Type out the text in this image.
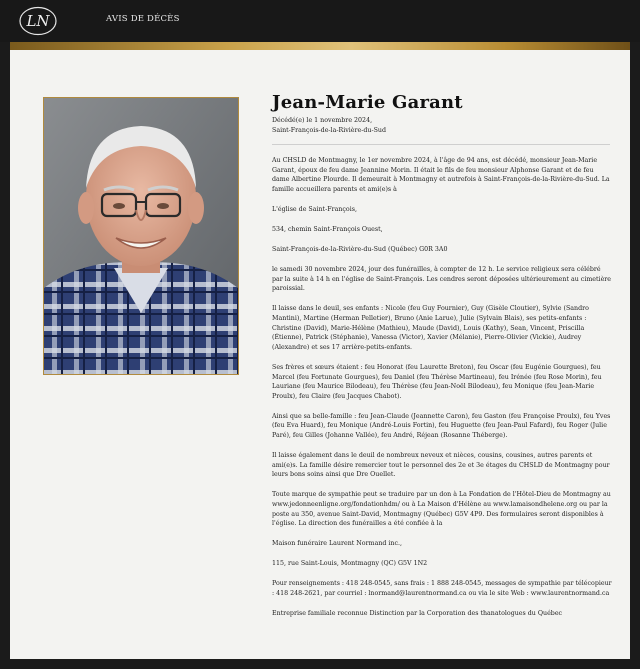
LN	AVIS DE DÉCÈS
Jean-Marie Garant
Décédé(e) le 1 novembre 2024,
Saint-François-de-la-Rivière-du-Sud

Au CHSLD de Montmagny, le 1er novembre 2024, à l'âge de 94 ans, est décédé, monsieur Jean-Marie Garant, époux de feu dame Jeannine Morin. Il était le fils de feu monsieur Alphonse Garant et de feu dame Albertine Plourde. Il demeurait à Montmagny et autrefois à Saint-François-de-la-Rivière-du-Sud. La famille accueillera parents et ami(e)s à

L'église de Saint-François,

534, chemin Saint-François Ouest,

Saint-François-de-la-Rivière-du-Sud (Québec) G0R 3A0

le samedi 30 novembre 2024, jour des funérailles, à compter de 12 h. Le service religieux sera célébré par la suite à 14 h en l'église de Saint-François. Les cendres seront déposées ultérieurement au cimetière paroissial.

Il laisse dans le deuil, ses enfants : Nicole (feu Guy Fournier), Guy (Gisèle Cloutier), Sylvie (Sandro Mantini), Martine (Herman Pelletier), Bruno (Anie Larue), Julie (Sylvain Blais), ses petits-enfants : Christine (David), Marie-Hélène (Mathieu), Maude (David), Louis (Kathy), Sean, Vincent, Priscilla (Étienne), Patrick (Stéphanie), Vanessa (Victor), Xavier (Mélanie), Pierre-Olivier (Vickie), Audrey (Alexandre) et ses 17 arrière-petits-enfants.

Ses frères et sœurs étaient : feu Honorat (feu Laurette Breton), feu Oscar (feu Eugénie Gourgues), feu Marcel (feu Fortunate Gourgues), feu Daniel (feu Thérèse Martineau), feu Irénée (feu Rose Morin), feu Lauriane (feu Maurice Bilodeau), feu Thérèse (feu Jean-Noël Bilodeau), feu Monique (feu Jean-Marie Proulx), feu Claire (feu Jacques Chabot).

Ainsi que sa belle-famille : feu Jean-Claude (Jeannette Caron), feu Gaston (feu Françoise Proulx), feu Yves (feu Eva Huard), feu Monique (André-Louis Fortin), feu Huguette (feu Jean-Paul Fafard), feu Roger (Julie Paré), feu Gilles (Johanne Vallée), feu André, Réjean (Rosanne Théberge).

Il laisse également dans le deuil de nombreux neveux et nièces, cousins, cousines, autres parents et ami(e)s. La famille désire remercier tout le personnel des 2e et 3e étages du CHSLD de Montmagny pour leurs bons soins ainsi que Dre Ouellet.

Toute marque de sympathie peut se traduire par un don à La Fondation de l'Hôtel-Dieu de Montmagny au www.jedonneenligne.org/fondationhdm/ ou à La Maison d'Hélène au www.lamaisondhelene.org ou par la poste au 350, avenue Saint-David, Montmagny (Québec) G5V 4P9. Des formulaires seront disponibles à l'église. La direction des funérailles a été confiée à la

Maison funéraire Laurent Normand inc.,

115, rue Saint-Louis, Montmagny (QC) G5V 1N2

Pour renseignements : 418 248-0545, sans frais : 1 888 248-0545, messages de sympathie par télécopieur : 418 248-2621, par courriel : lnormand@laurentnormand.ca ou via le site Web : www.laurentnormand.ca

Entreprise familiale reconnue Distinction par la Corporation des thanatologues du Québec
